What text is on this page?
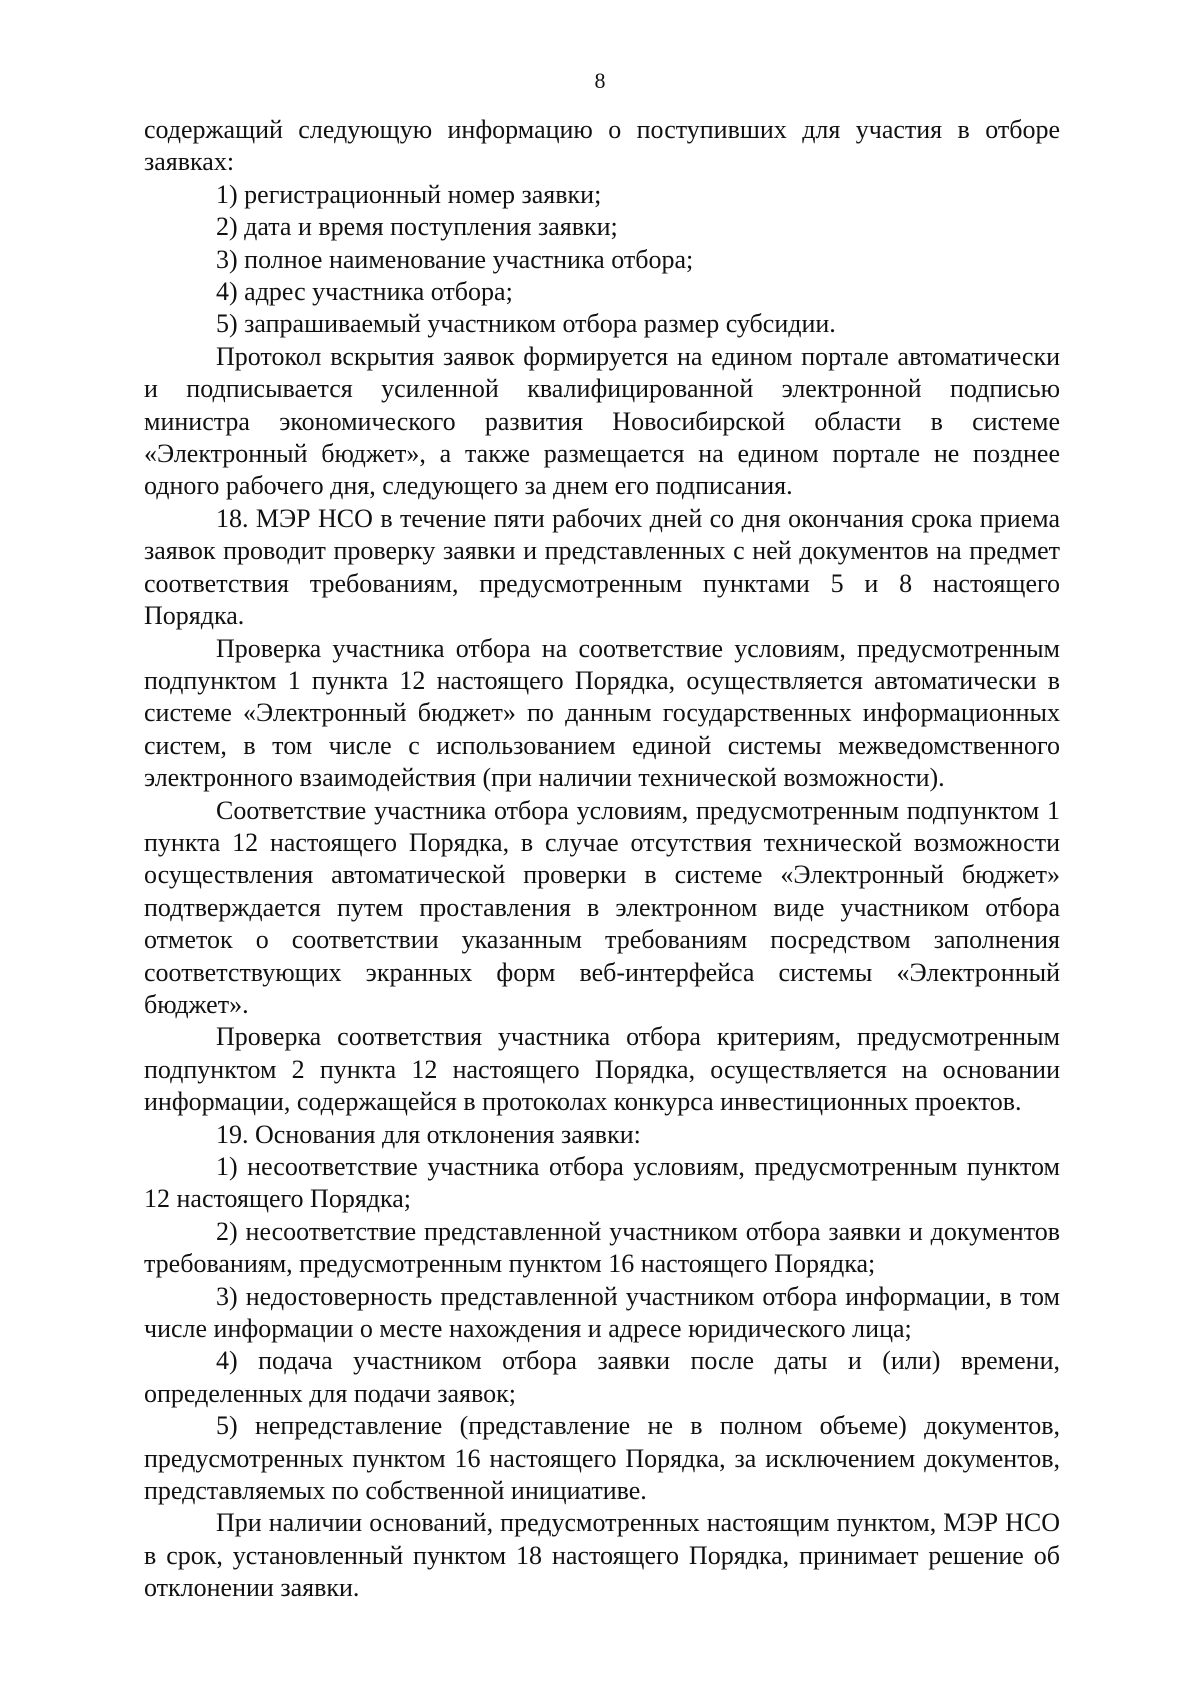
8

содержащий следующую информацию о поступивших для участия в отборе заявках:

1) регистрационный номер заявки;

2) дата и время поступления заявки;

3) полное наименование участника отбора;

4) адрес участника отбора;

5) запрашиваемый участником отбора размер субсидии.

Протокол вскрытия заявок формируется на едином портале автоматически и подписывается усиленной квалифицированной электронной подписью министра экономического развития Новосибирской области в системе «Электронный бюджет», а также размещается на едином портале не позднее одного рабочего дня, следующего за днем его подписания.

18. МЭР НСО в течение пяти рабочих дней со дня окончания срока приема заявок проводит проверку заявки и представленных с ней документов на предмет соответствия требованиям, предусмотренным пунктами 5 и 8 настоящего Порядка.

Проверка участника отбора на соответствие условиям, предусмотренным подпунктом 1 пункта 12 настоящего Порядка, осуществляется автоматически в системе «Электронный бюджет» по данным государственных информационных систем, в том числе с использованием единой системы межведомственного электронного взаимодействия (при наличии технической возможности).

Соответствие участника отбора условиям, предусмотренным подпунктом 1 пункта 12 настоящего Порядка, в случае отсутствия технической возможности осуществления автоматической проверки в системе «Электронный бюджет» подтверждается путем проставления в электронном виде участником отбора отметок о соответствии указанным требованиям посредством заполнения соответствующих экранных форм веб-интерфейса системы «Электронный бюджет».

Проверка соответствия участника отбора критериям, предусмотренным подпунктом 2 пункта 12 настоящего Порядка, осуществляется на основании информации, содержащейся в протоколах конкурса инвестиционных проектов.

19. Основания для отклонения заявки:

1) несоответствие участника отбора условиям, предусмотренным пунктом 12 настоящего Порядка;

2) несоответствие представленной участником отбора заявки и документов требованиям, предусмотренным пунктом 16 настоящего Порядка;

3) недостоверность представленной участником отбора информации, в том числе информации о месте нахождения и адресе юридического лица;

4) подача участником отбора заявки после даты и (или) времени, определенных для подачи заявок;

5) непредставление (представление не в полном объеме) документов, предусмотренных пунктом 16 настоящего Порядка, за исключением документов, представляемых по собственной инициативе.

При наличии оснований, предусмотренных настоящим пунктом, МЭР НСО в срок, установленный пунктом 18 настоящего Порядка, принимает решение об отклонении заявки.
